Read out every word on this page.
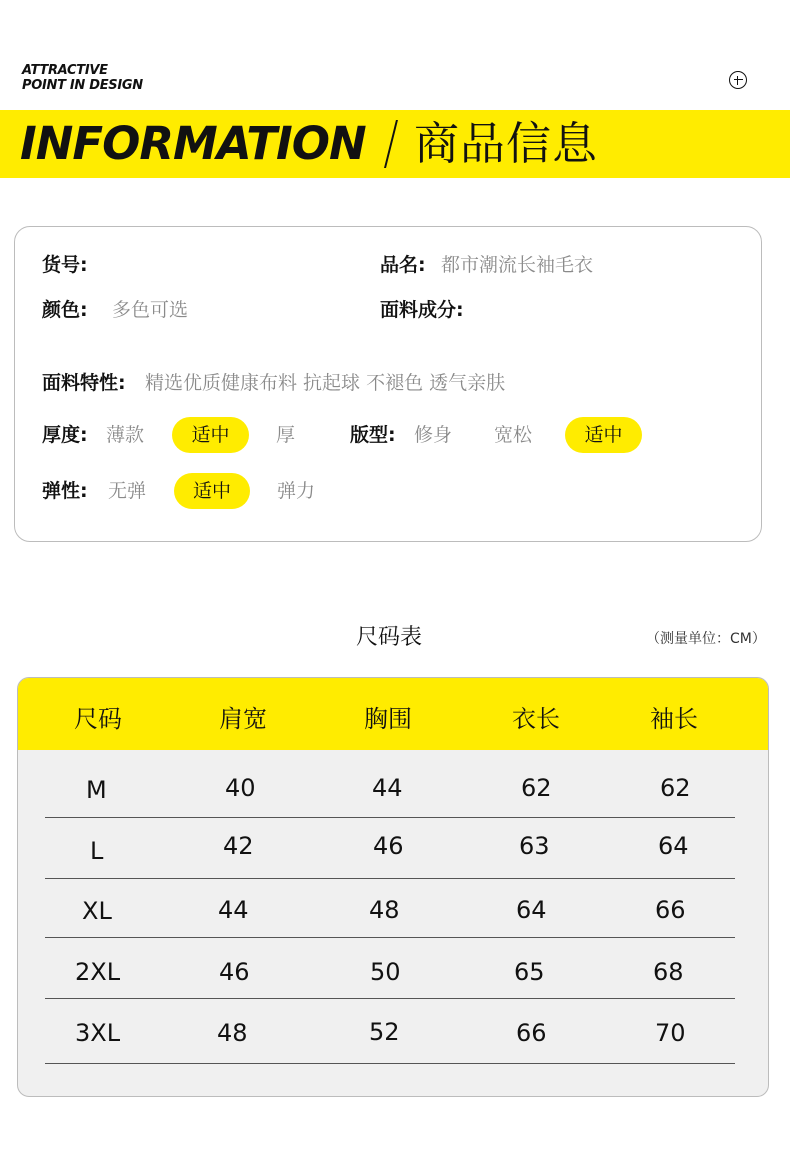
ATTRACTIVE
POINT IN DESIGN
INFORMATION 商品信息
货号:	品名: 都市潮流长袖毛衣
颜色: 多色可选	面料成分:
面料特性: 精选优质健康布料 抗起球 不褪色 透气亲肤
厚度: 薄款	适中	厚	版型: 修身 宽松	适中
弹性: 无弹	适中	弹力
尺码表	（测量单位：CM）
尺码	肩宽	胸围	衣长	袖长
M	40	44	62	62
L	42	46	63	64
XL	44	48	64	66
2XL	46	50	65	68
3XL	48	52	66	70
